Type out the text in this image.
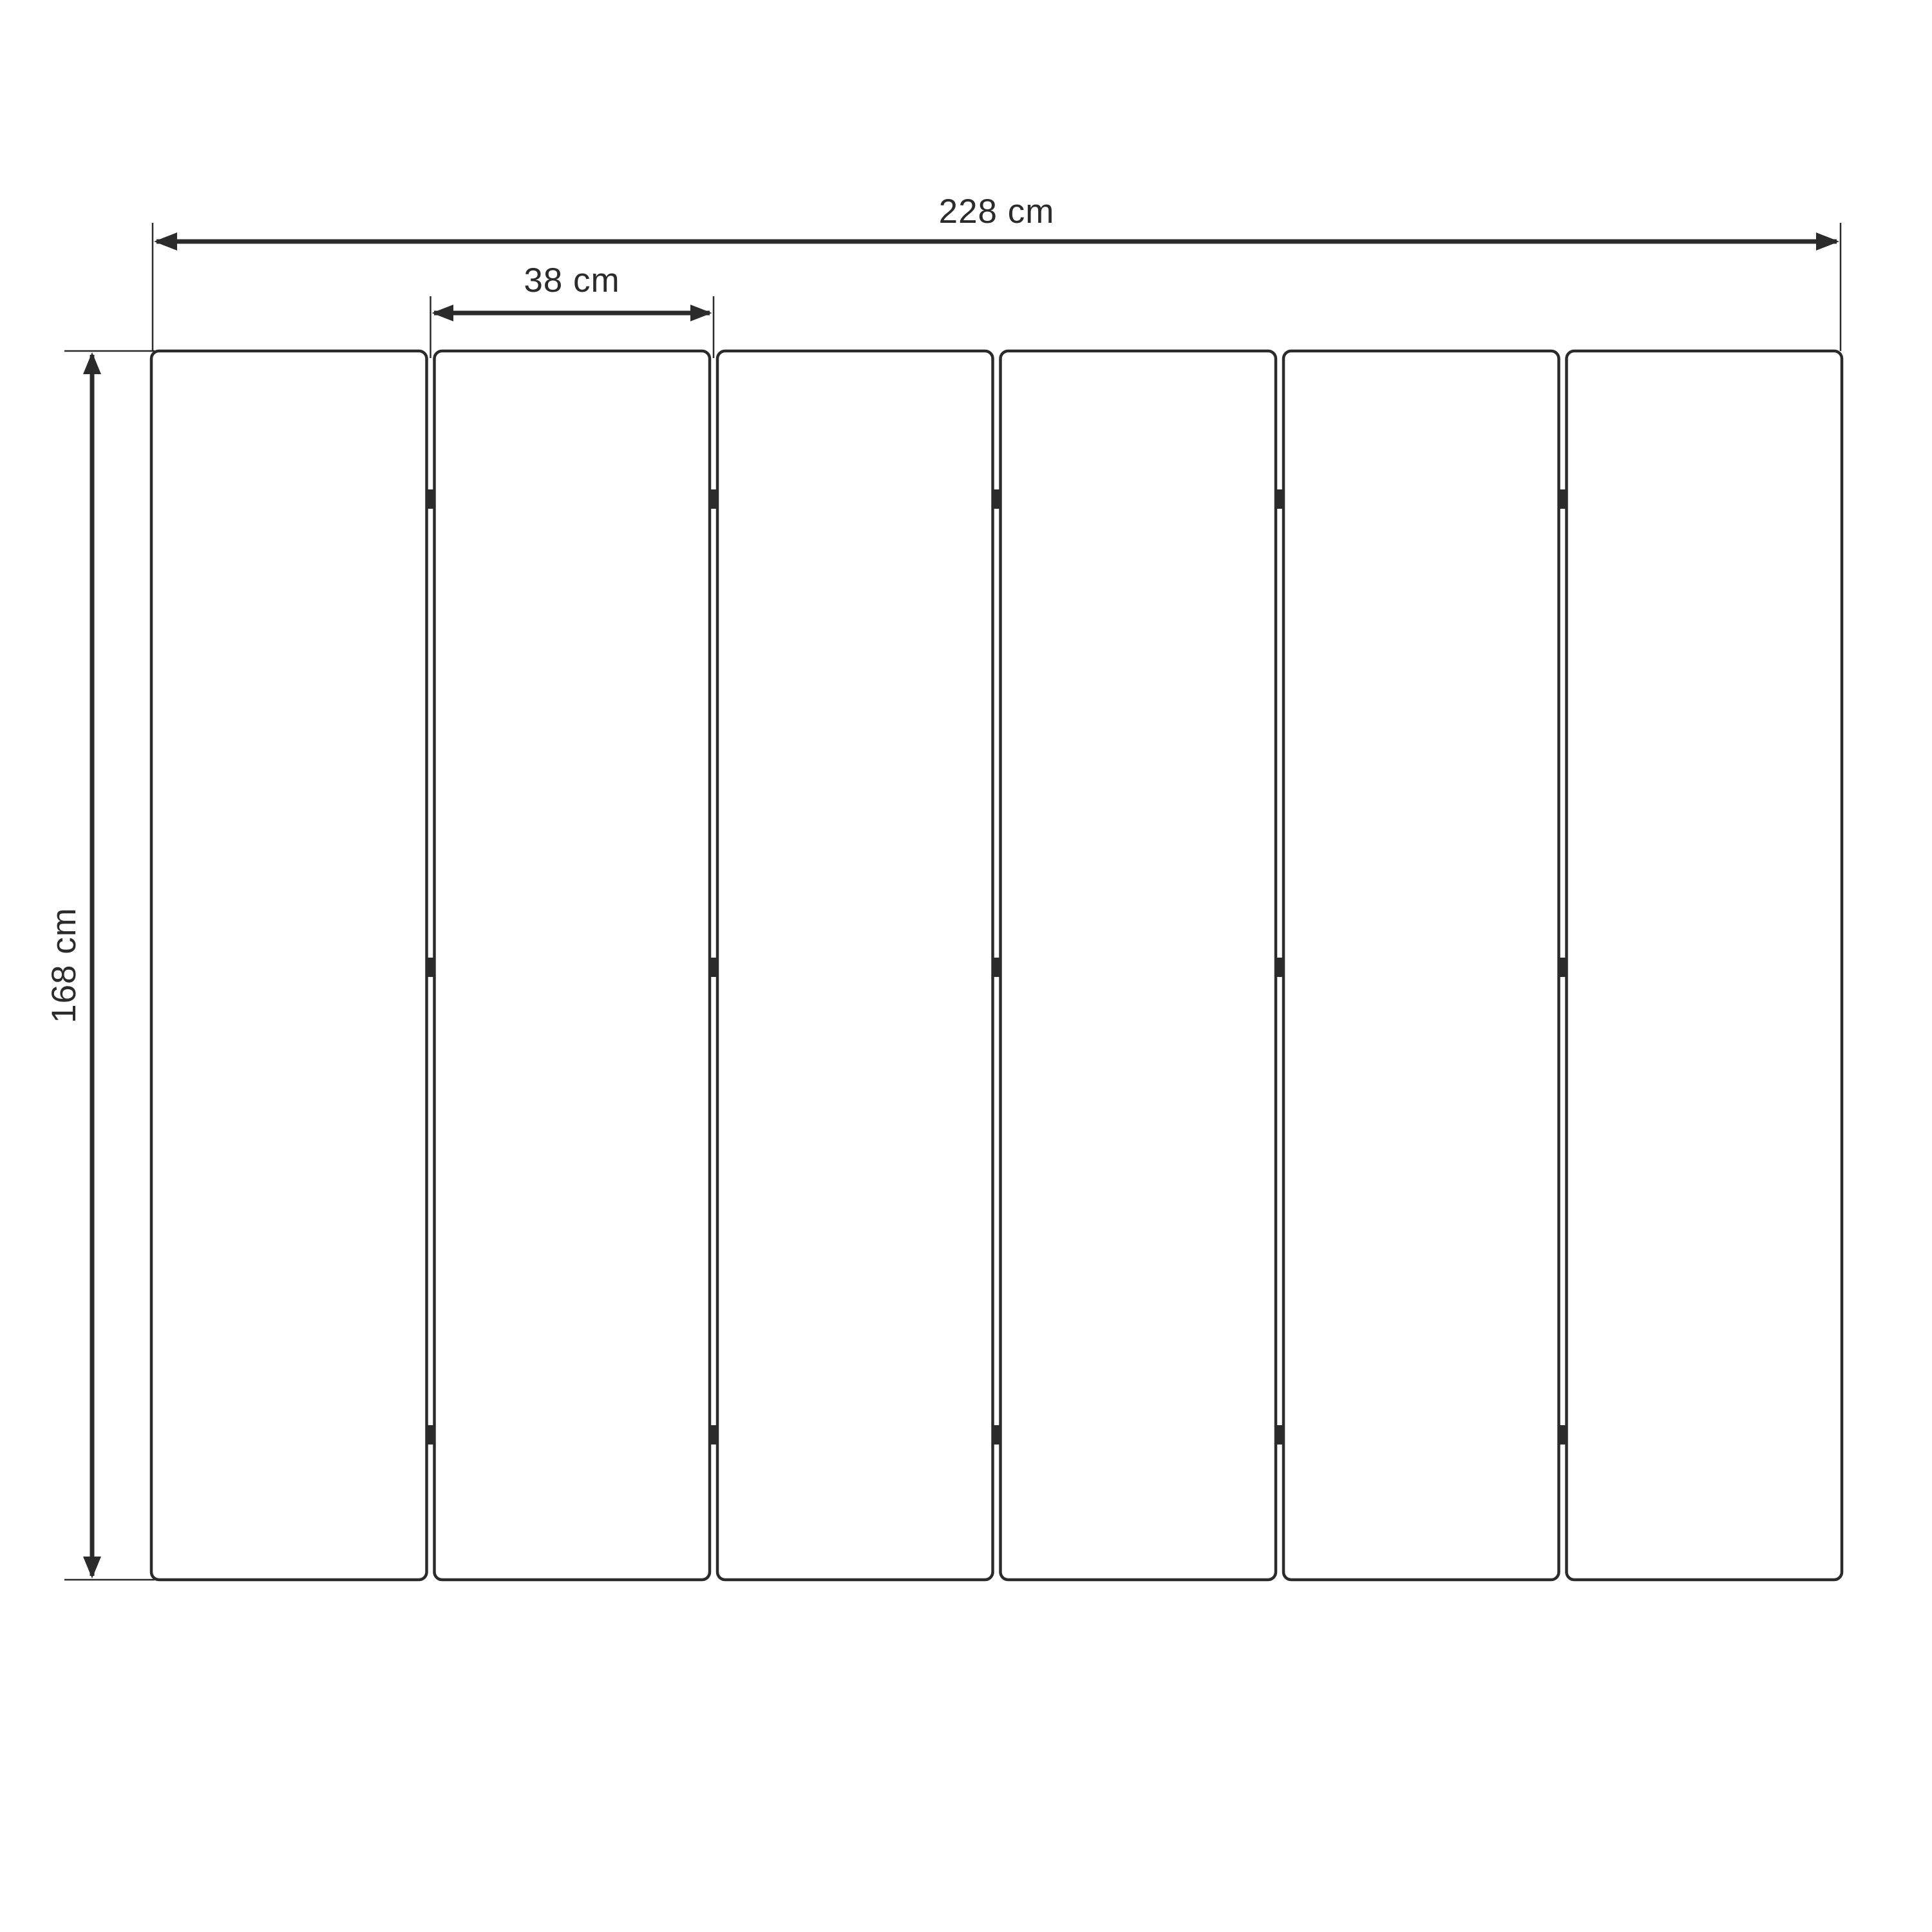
228 cm
38 cm
168 cm
